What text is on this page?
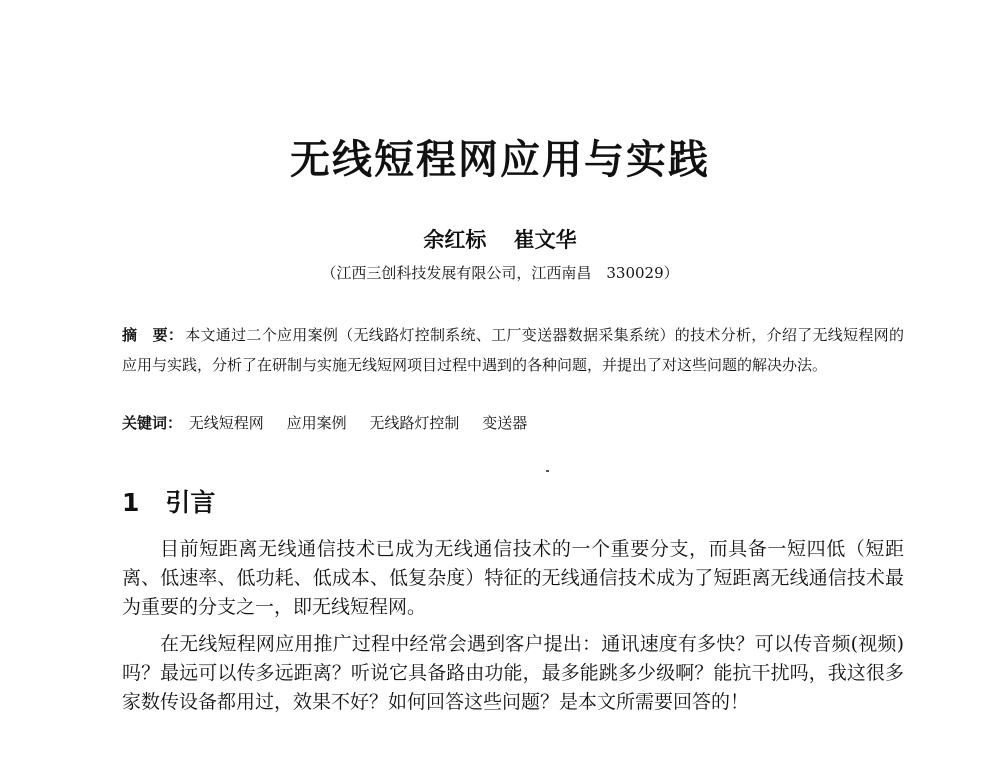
无线短程网应用与实践
余红标 崔文华
（江西三创科技发展有限公司，江西南昌　330029）
摘　要： 本文通过二个应用案例（无线路灯控制系统、工厂变送器数据采集系统）的技术分析，介绍了无线短程网的应用与实践，分析了在研制与实施无线短网项目过程中遇到的各种问题，并提出了对这些问题的解决办法。
关键词： 无线短程网 应用案例 无线路灯控制 变送器
1 引言

目前短距离无线通信技术已成为无线通信技术的一个重要分支，而具备一短四低（短距离、低速率、低功耗、低成本、低复杂度）特征的无线通信技术成为了短距离无线通信技术最为重要的分支之一，即无线短程网。

在无线短程网应用推广过程中经常会遇到客户提出：通讯速度有多快？可以传音频(视频)吗？最远可以传多远距离？听说它具备路由功能，最多能跳多少级啊？能抗干扰吗，我这很多家数传设备都用过，效果不好？如何回答这些问题？是本文所需要回答的！
